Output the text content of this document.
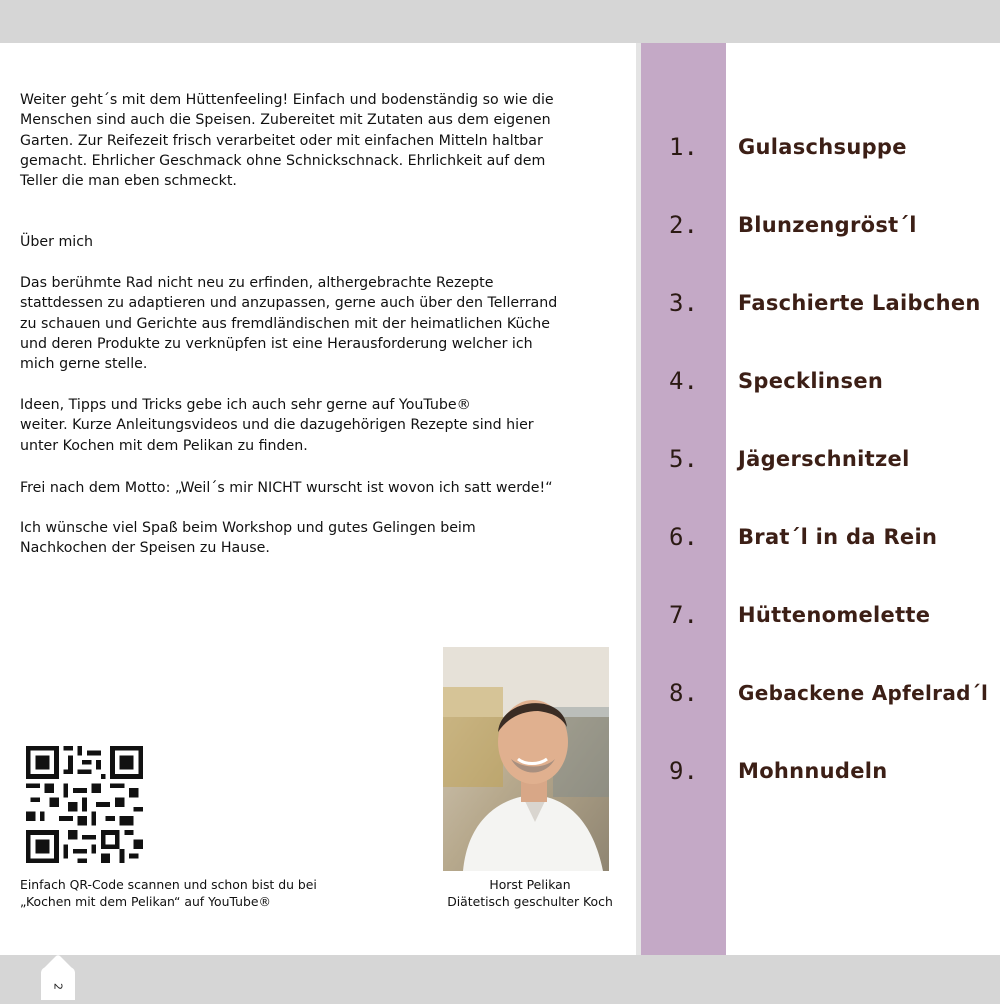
Weiter geht´s mit dem Hüttenfeeling! Einfach und bodenständig so wie die
Menschen sind auch die Speisen. Zubereitet mit Zutaten aus dem eigenen
Garten. Zur Reifezeit frisch verarbeitet oder mit einfachen Mitteln haltbar
gemacht. Ehrlicher Geschmack ohne Schnickschnack. Ehrlichkeit auf dem
Teller die man eben schmeckt.
Über mich
Das berühmte Rad nicht neu zu erfinden, althergebrachte Rezepte
stattdessen zu adaptieren und anzupassen, gerne auch über den Tellerrand
zu schauen und Gerichte aus fremdländischen mit der heimatlichen Küche
und deren Produkte zu verknüpfen ist eine Herausforderung welcher ich
mich gerne stelle.
Ideen, Tipps und Tricks gebe ich auch sehr gerne auf YouTube®
weiter. Kurze Anleitungsvideos und die dazugehörigen Rezepte sind hier
unter Kochen mit dem Pelikan zu finden.
Frei nach dem Motto: „Weil´s mir NICHT wurscht ist wovon ich satt werde!“
Ich wünsche viel Spaß beim Workshop und gutes Gelingen beim
Nachkochen der Speisen zu Hause.
Einfach QR-Code scannen und schon bist du bei
„Kochen mit dem Pelikan“ auf YouTube®
Horst Pelikan
Diätetisch geschulter Koch
1.	Gulaschsuppe
2.	Blunzengröst´l
3.	Faschierte Laibchen
4.	Specklinsen
5.	Jägerschnitzel
6.	Brat´l in da Rein
7.	Hüttenomelette
8.	Gebackene Apfelrad´l
9.	Mohnnudeln
2
